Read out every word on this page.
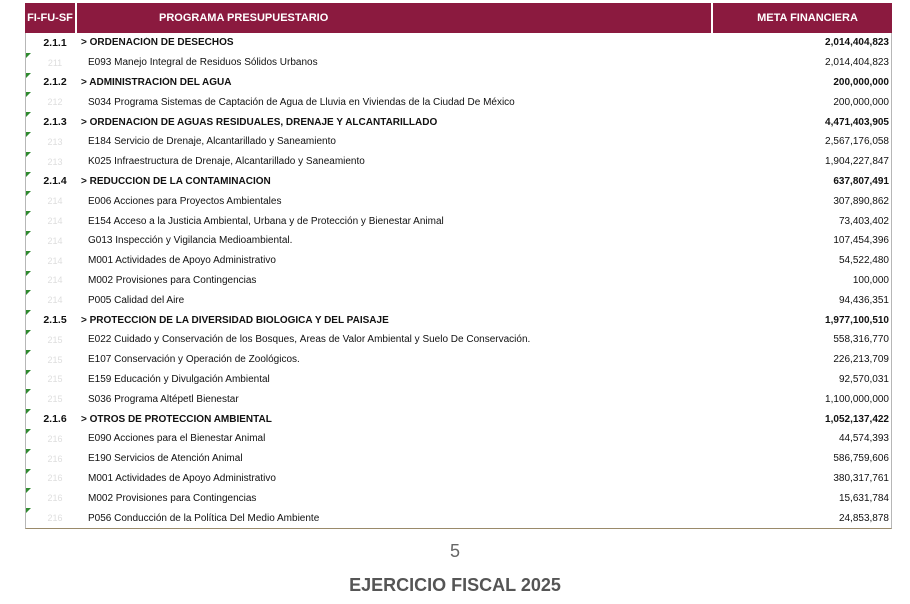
FI-FU-SF	PROGRAMA PRESUPUESTARIO	META FINANCIERA
2.1.1	> ORDENACIÓN DE DESECHOS	2,014,404,823
211	E093 Manejo Integral de Residuos Sólidos Urbanos	2,014,404,823
2.1.2	> ADMINISTRACIÓN DEL AGUA	200,000,000
212	S034 Programa Sistemas de Captación de Agua de Lluvia en Viviendas de la Ciudad De México	200,000,000
2.1.3	> ORDENACIÓN DE AGUAS RESIDUALES, DRENAJE Y ALCANTARILLADO	4,471,403,905
213	E184 Servicio de Drenaje, Alcantarillado y Saneamiento	2,567,176,058
213	K025 Infraestructura de Drenaje, Alcantarillado y Saneamiento	1,904,227,847
2.1.4	> REDUCCIÓN DE LA CONTAMINACIÓN	637,807,491
214	E006 Acciones para Proyectos Ambientales	307,890,862
214	E154 Acceso a la Justicia Ambiental, Urbana y de Protección y Bienestar Animal	73,403,402
214	G013 Inspección y Vigilancia Medioambiental.	107,454,396
214	M001 Actividades de Apoyo Administrativo	54,522,480
214	M002 Provisiones para Contingencias	100,000
214	P005 Calidad del Aire	94,436,351
2.1.5	> PROTECCIÓN DE LA DIVERSIDAD BIOLÓGICA Y DEL PAISAJE	1,977,100,510
215	E022 Cuidado y Conservación de los Bosques, Áreas de Valor Ambiental y Suelo De Conservación.	558,316,770
215	E107 Conservación y Operación de Zoológicos.	226,213,709
215	E159 Educación y Divulgación Ambiental	92,570,031
215	S036 Programa Altépetl Bienestar	1,100,000,000
2.1.6	> OTROS DE PROTECCIÓN AMBIENTAL	1,052,137,422
216	E090 Acciones para el Bienestar Animal	44,574,393
216	E190 Servicios de Atención Animal	586,759,606
216	M001 Actividades de Apoyo Administrativo	380,317,761
216	M002 Provisiones para Contingencias	15,631,784
216	P056 Conducción de la Política Del Medio Ambiente	24,853,878
5
EJERCICIO FISCAL 2025
